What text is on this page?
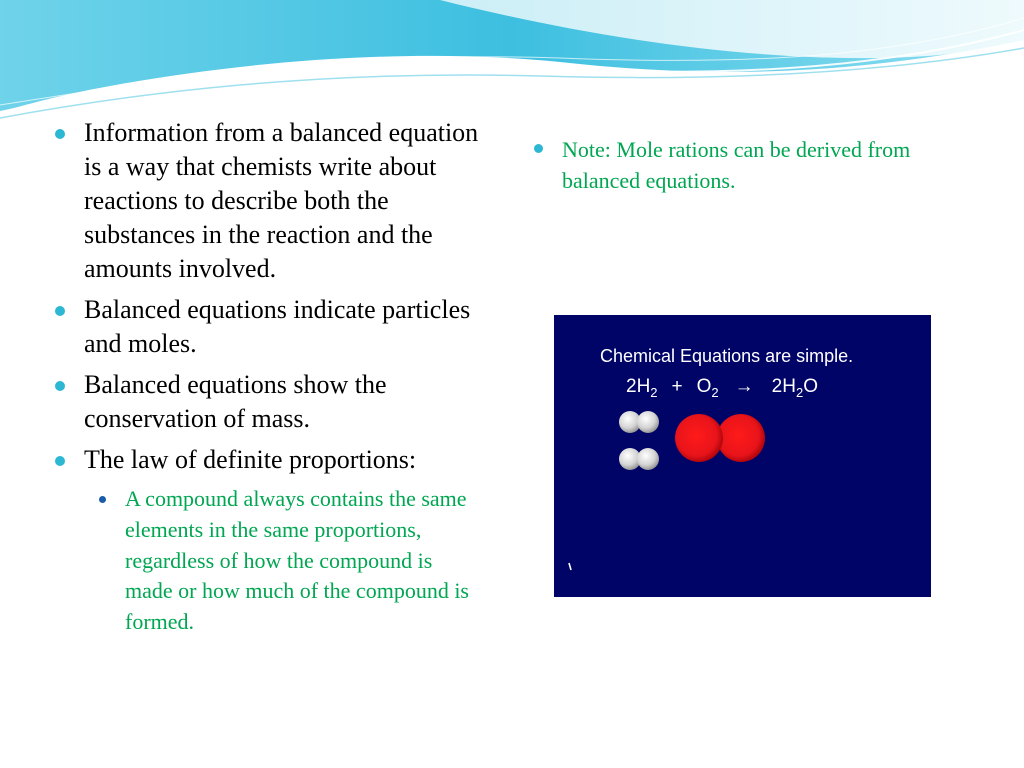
Information from a balanced equation is a way that chemists write about reactions to describe both the substances in the reaction and the amounts involved.
Balanced equations indicate particles and moles.
Balanced equations show the conservation of mass.
The law of definite proportions:
A compound always contains the same elements in the same proportions, regardless of how the compound is made or how much of the compound is formed.
Note: Mole rations can be derived from balanced equations.
Chemical Equations are simple.
$2H_2 + O_2 \to 2H_2O$
